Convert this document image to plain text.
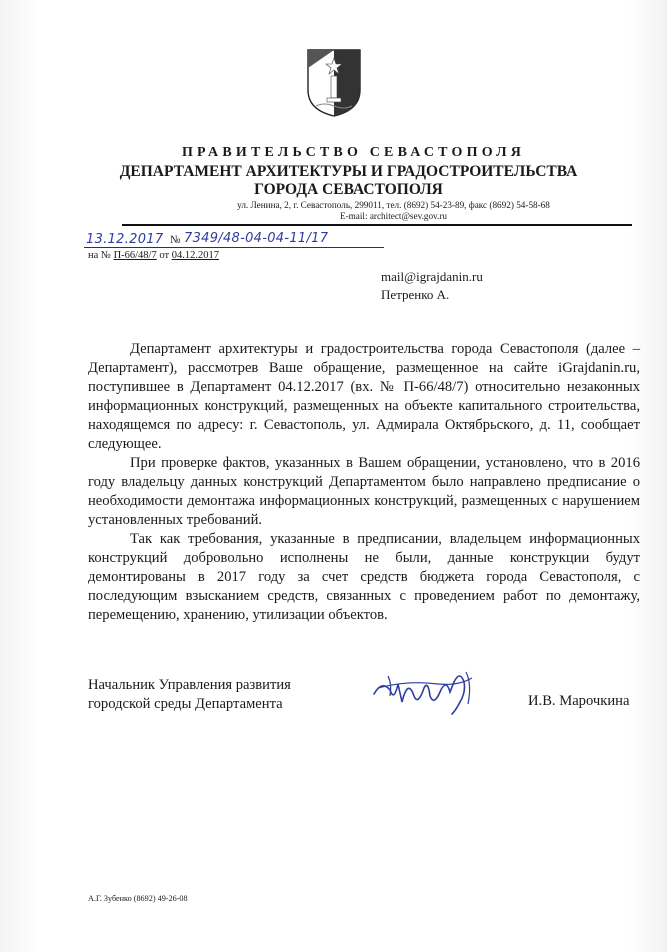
ПРАВИТЕЛЬСТВО СЕВАСТОПОЛЯ
ДЕПАРТАМЕНТ АРХИТЕКТУРЫ И ГРАДОСТРОИТЕЛЬСТВА
ГОРОДА СЕВАСТОПОЛЯ
ул. Ленина, 2, г. Севастополь, 299011, тел. (8692) 54-23-89, факс (8692) 54-58-68
E-mail: architect@sev.gov.ru
13.12.2017 № 7349/48-04-04-11/17
на № П-66/48/7 от 04.12.2017
mail@igrajdanin.ru
Петренко А.

Департамент архитектуры и градостроительства города Севастополя (далее – Департамент), рассмотрев Ваше обращение, размещенное на сайте iGrajdanin.ru, поступившее в Департамент 04.12.2017 (вх. № П-66/48/7) относительно незаконных информационных конструкций, размещенных на объекте капитального строительства, находящемся по адресу: г. Севастополь, ул. Адмирала Октябрьского, д. 11, сообщает следующее.

При проверке фактов, указанных в Вашем обращении, установлено, что в 2016 году владельцу данных конструкций Департаментом было направлено предписание о необходимости демонтажа информационных конструкций, размещенных с нарушением установленных требований.

Так как требования, указанные в предписании, владельцем информационных конструкций добровольно исполнены не были, данные конструкции будут демонтированы в 2017 году за счет средств бюджета города Севастополя, с последующим взысканием средств, связанных с проведением работ по демонтажу, перемещению, хранению, утилизации объектов.

Начальник Управления развития
городской среды Департамента	И.В. Марочкина
А.Г. Зубенко (8692) 49-26-08
